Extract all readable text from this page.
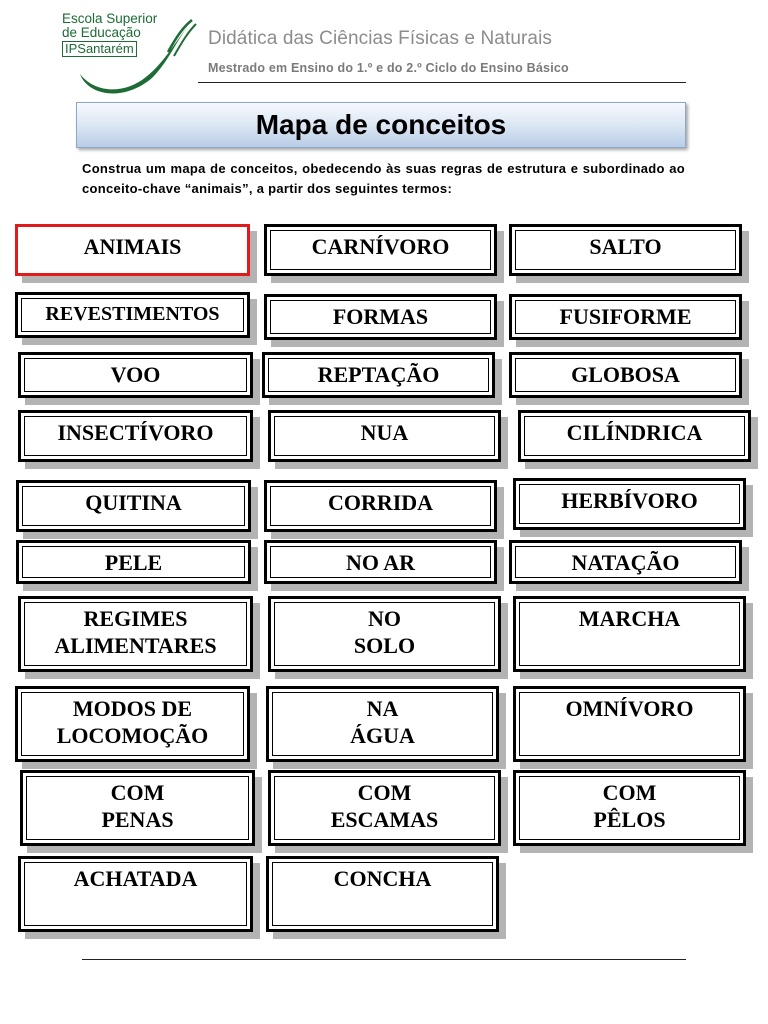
Escola Superior
de Educação
IPSantarém	Didática das Ciências Físicas e Naturais
Mestrado em Ensino do 1.º e do 2.º Ciclo do Ensino Básico
Mapa de conceitos
Construa um mapa de conceitos, obedecendo às suas regras de estrutura e subordinado ao conceito-chave “animais”, a partir dos seguintes termos:
ANIMAIS	CARNÍVORO	SALTO
REVESTIMENTOS	FORMAS	FUSIFORME
VOO	REPTAÇÃO	GLOBOSA
INSECTÍVORO	NUA	CILÍNDRICA
QUITINA	CORRIDA	HERBÍVORO
PELE	NO AR	NATAÇÃO
REGIMES
ALIMENTARES
NO
SOLO
MARCHA
MODOS DE
LOCOMOÇÃO
NA
ÁGUA
OMNÍVORO
COM
PENAS
COM
ESCAMAS
COM
PÊLOS
ACHATADA	CONCHA
